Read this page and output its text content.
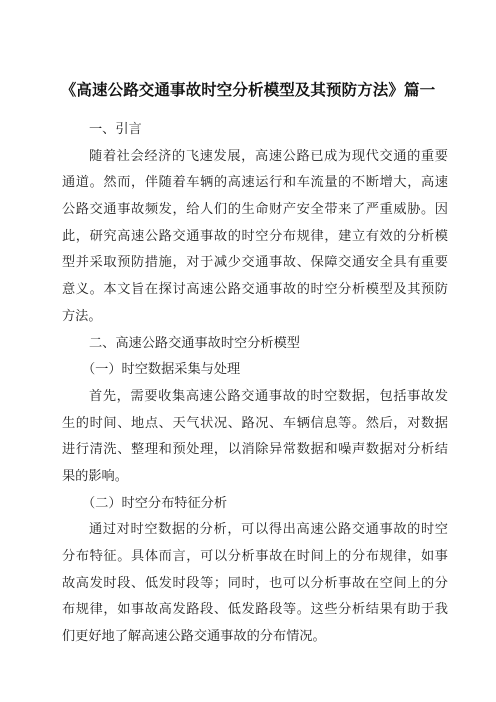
《高速公路交通事故时空分析模型及其预防方法》篇一
一、引言
随着社会经济的飞速发展，高速公路已成为现代交通的重要
通道。然而，伴随着车辆的高速运行和车流量的不断增大，高速
公路交通事故频发，给人们的生命财产安全带来了严重威胁。因
此，研究高速公路交通事故的时空分布规律，建立有效的分析模
型并采取预防措施，对于减少交通事故、保障交通安全具有重要
意义。本文旨在探讨高速公路交通事故的时空分析模型及其预防
方法。
二、高速公路交通事故时空分析模型
（一）时空数据采集与处理
首先，需要收集高速公路交通事故的时空数据，包括事故发
生的时间、地点、天气状况、路况、车辆信息等。然后，对数据
进行清洗、整理和预处理，以消除异常数据和噪声数据对分析结
果的影响。
（二）时空分布特征分析
通过对时空数据的分析，可以得出高速公路交通事故的时空
分布特征。具体而言，可以分析事故在时间上的分布规律，如事
故高发时段、低发时段等；同时，也可以分析事故在空间上的分
布规律，如事故高发路段、低发路段等。这些分析结果有助于我
们更好地了解高速公路交通事故的分布情况。
